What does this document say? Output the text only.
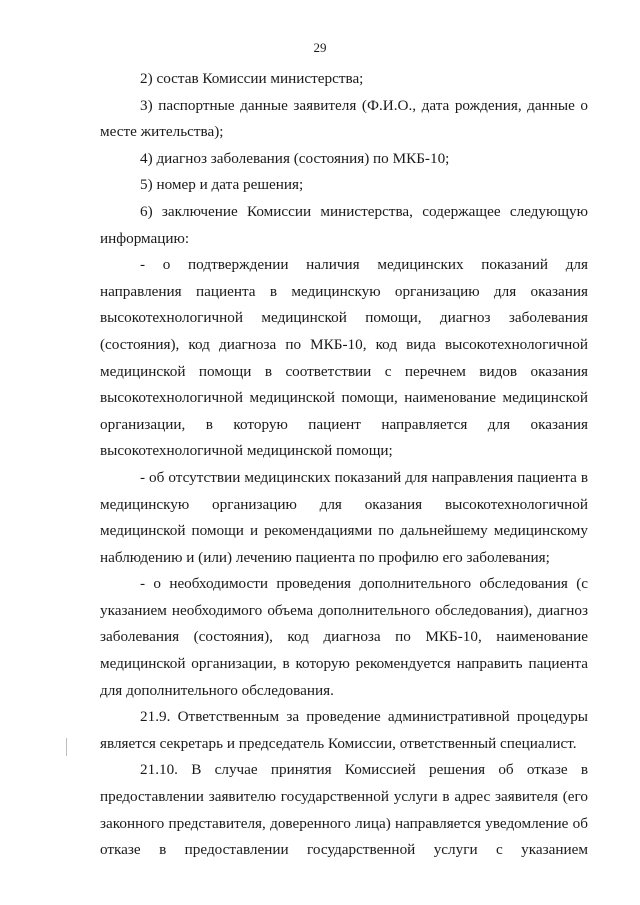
29

2) состав Комиссии министерства;

3) паспортные данные заявителя (Ф.И.О., дата рождения, данные о месте жительства);

4) диагноз заболевания (состояния) по МКБ-10;

5) номер и дата решения;

6) заключение Комиссии министерства, содержащее следующую информацию:

- о подтверждении наличия медицинских показаний для направления пациента в медицинскую организацию для оказания высокотехнологичной медицинской помощи, диагноз заболевания (состояния), код диагноза по МКБ-10, код вида высокотехнологичной медицинской помощи в соответствии с перечнем видов оказания высокотехнологичной медицинской помощи, наименование медицинской организации, в которую пациент направляется для оказания высокотехнологичной медицинской помощи;

- об отсутствии медицинских показаний для направления пациента в медицинскую организацию для оказания высокотехнологичной медицинской помощи и рекомендациями по дальнейшему медицинскому наблюдению и (или) лечению пациента по профилю его заболевания;

- о необходимости проведения дополнительного обследования (с указанием необходимого объема дополнительного обследования), диагноз заболевания (состояния), код диагноза по МКБ-10, наименование медицинской организации, в которую рекомендуется направить пациента для дополнительного обследования.

21.9. Ответственным за проведение административной процедуры является секретарь и председатель Комиссии, ответственный специалист.

21.10. В случае принятия Комиссией решения об отказе в предоставлении заявителю государственной услуги в адрес заявителя (его законного представителя, доверенного лица) направляется уведомление об отказе в предоставлении государственной услуги с указанием
